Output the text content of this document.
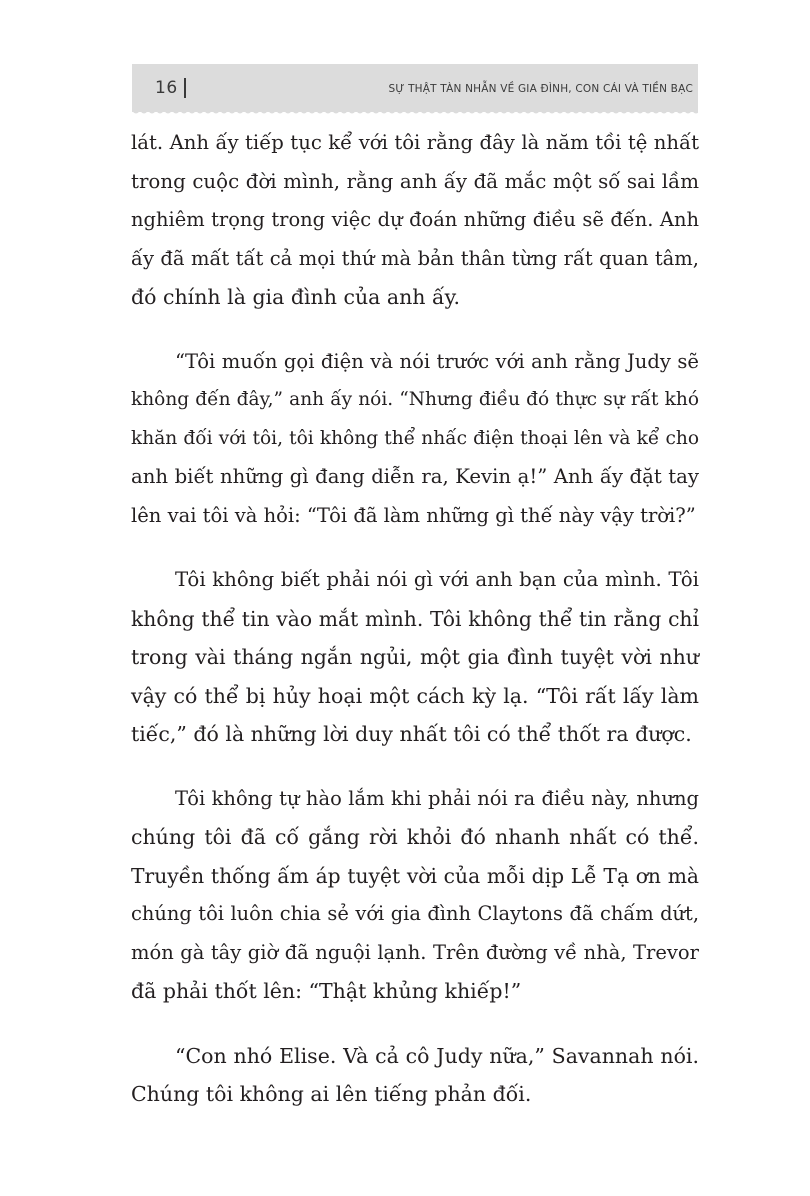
16	SỰ THẬT TÀN NHẪN VỀ GIA ĐÌNH, CON CÁI VÀ TIỀN BẠC

lát. Anh ấy tiếp tục kể với tôi rằng đây là năm tồi tệ nhất
trong cuộc đời mình, rằng anh ấy đã mắc một số sai lầm
nghiêm trọng trong việc dự đoán những điều sẽ đến. Anh
ấy đã mất tất cả mọi thứ mà bản thân từng rất quan tâm,
đó chính là gia đình của anh ấy.

“Tôi muốn gọi điện và nói trước với anh rằng Judy sẽ
không đến đây,” anh ấy nói. “Nhưng điều đó thực sự rất khó
khăn đối với tôi, tôi không thể nhấc điện thoại lên và kể cho
anh biết những gì đang diễn ra, Kevin ạ!” Anh ấy đặt tay
lên vai tôi và hỏi: “Tôi đã làm những gì thế này vậy trời?”

Tôi không biết phải nói gì với anh bạn của mình. Tôi
không thể tin vào mắt mình. Tôi không thể tin rằng chỉ
trong vài tháng ngắn ngủi, một gia đình tuyệt vời như
vậy có thể bị hủy hoại một cách kỳ lạ. “Tôi rất lấy làm
tiếc,” đó là những lời duy nhất tôi có thể thốt ra được.

Tôi không tự hào lắm khi phải nói ra điều này, nhưng
chúng tôi đã cố gắng rời khỏi đó nhanh nhất có thể.
Truyền thống ấm áp tuyệt vời của mỗi dịp Lễ Tạ ơn mà
chúng tôi luôn chia sẻ với gia đình Claytons đã chấm dứt,
món gà tây giờ đã nguội lạnh. Trên đường về nhà, Trevor
đã phải thốt lên: “Thật khủng khiếp!”

“Con nhó Elise. Và cả cô Judy nữa,” Savannah nói.
Chúng tôi không ai lên tiếng phản đối.
